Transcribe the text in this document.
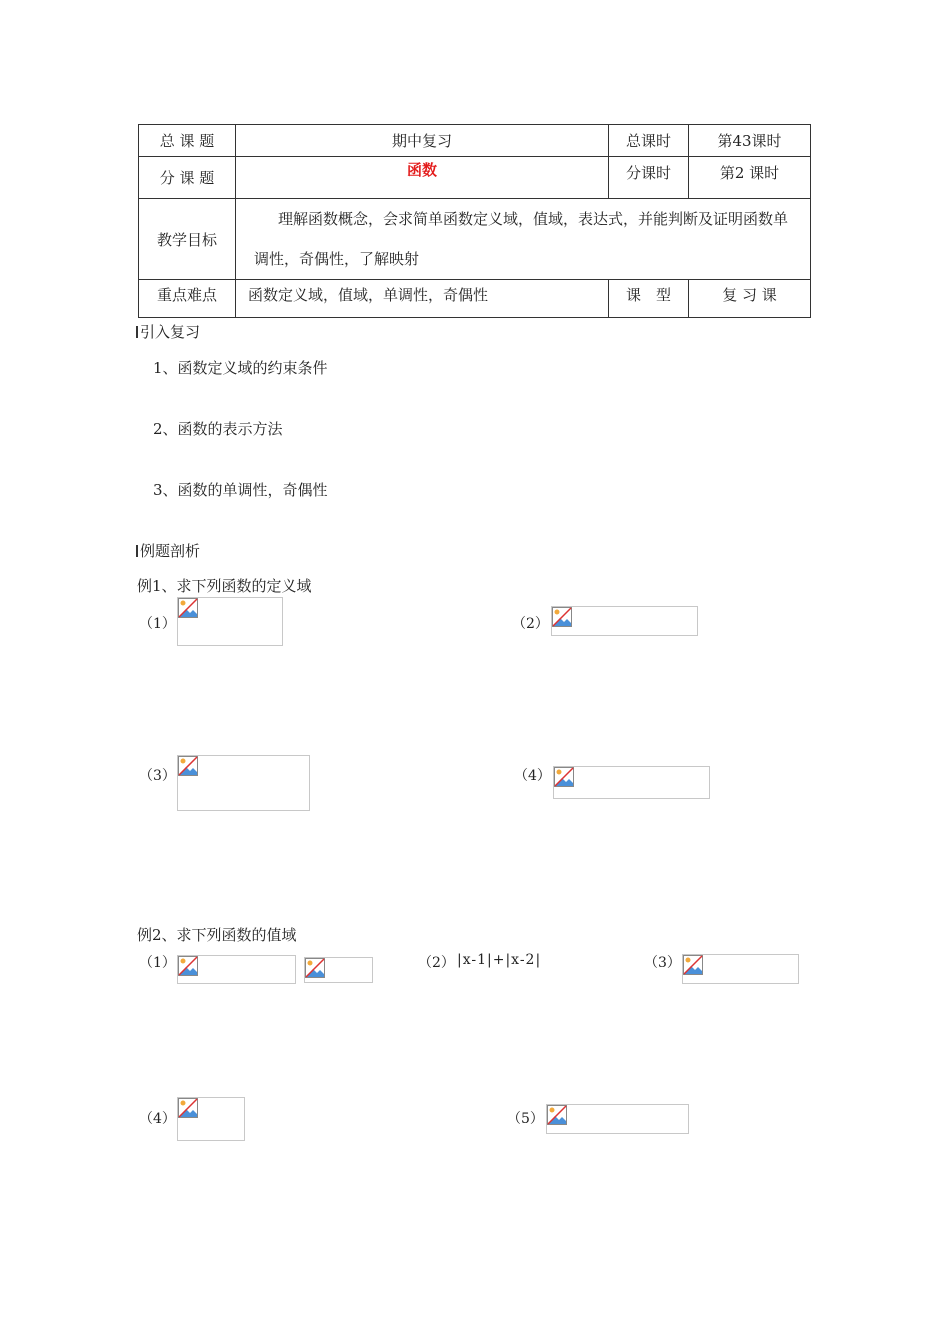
总 课 题	期中复习	总课时	第43课时
分 课 题	函数	分课时	第2 课时
教学目标	理解函数概念，会求简单函数定义域，值域，表达式，并能判断及证明函数单调性，奇偶性，了解映射		
重点难点	函数定义域，值域，单调性，奇偶性	课　型	复 习 课
引入复习
1、函数定义域的约束条件
2、函数的表示方法
3、函数的单调性，奇偶性
例题剖析
例1、求下列函数的定义域
（1）	（2）
（3）	（4）
例2、求下列函数的值域
（1）	（2） |x-1|+|x-2|	（3）
（4）	（5）
